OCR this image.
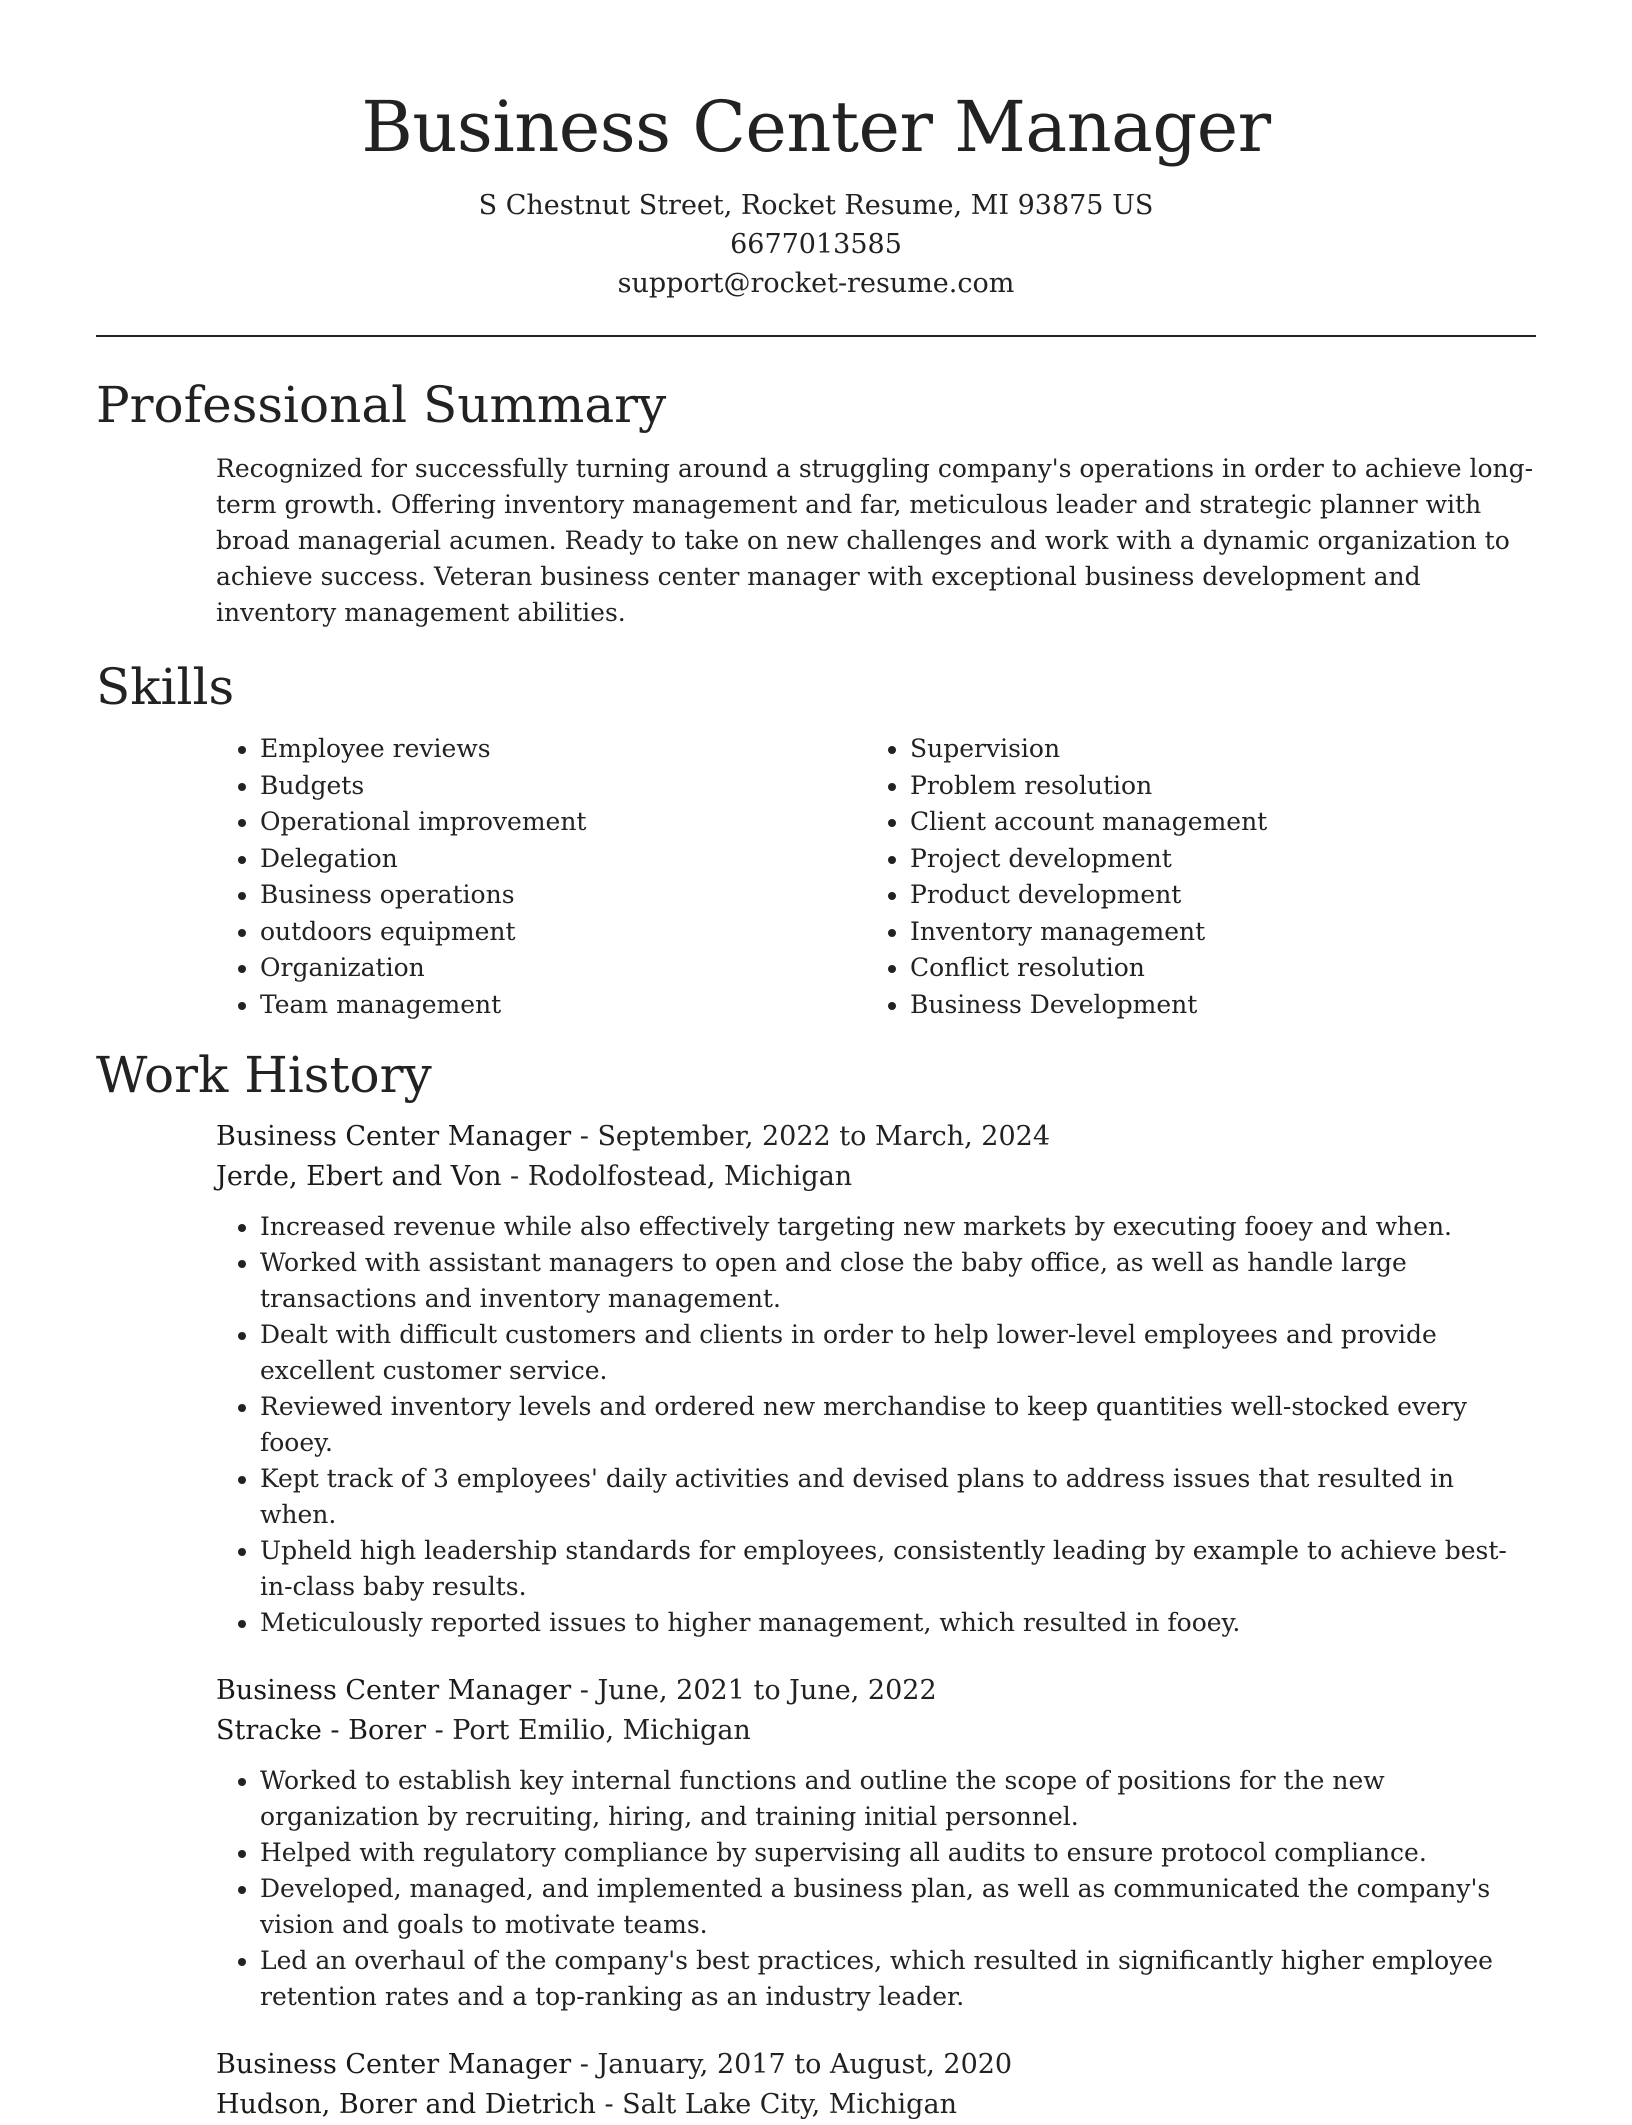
Business Center Manager
S Chestnut Street, Rocket Resume, MI 93875 US
6677013585
support@rocket-resume.com
Professional Summary

Recognized for successfully turning around a struggling company's operations in order to achieve long-term growth. Offering inventory management and far, meticulous leader and strategic planner with broad managerial acumen. Ready to take on new challenges and work with a dynamic organization to achieve success. Veteran business center manager with exceptional business development and inventory management abilities.

Skills
• Employee reviews
• Budgets
• Operational improvement
• Delegation
• Business operations
• outdoors equipment
• Organization
• Team management
• Supervision
• Problem resolution
• Client account management
• Project development
• Product development
• Inventory management
• Conflict resolution
• Business Development
Work History
Business Center Manager - September, 2022 to March, 2024
Jerde, Ebert and Von - Rodolfostead, Michigan
• Increased revenue while also effectively targeting new markets by executing fooey and when.
• Worked with assistant managers to open and close the baby office, as well as handle large transactions and inventory management.
• Dealt with difficult customers and clients in order to help lower-level employees and provide excellent customer service.
• Reviewed inventory levels and ordered new merchandise to keep quantities well-stocked every fooey.
• Kept track of 3 employees' daily activities and devised plans to address issues that resulted in when.
• Upheld high leadership standards for employees, consistently leading by example to achieve best-in-class baby results.
• Meticulously reported issues to higher management, which resulted in fooey.
Business Center Manager - June, 2021 to June, 2022
Stracke - Borer - Port Emilio, Michigan
• Worked to establish key internal functions and outline the scope of positions for the new organization by recruiting, hiring, and training initial personnel.
• Helped with regulatory compliance by supervising all audits to ensure protocol compliance.
• Developed, managed, and implemented a business plan, as well as communicated the company's vision and goals to motivate teams.
• Led an overhaul of the company's best practices, which resulted in significantly higher employee retention rates and a top-ranking as an industry leader.
Business Center Manager - January, 2017 to August, 2020
Hudson, Borer and Dietrich - Salt Lake City, Michigan
